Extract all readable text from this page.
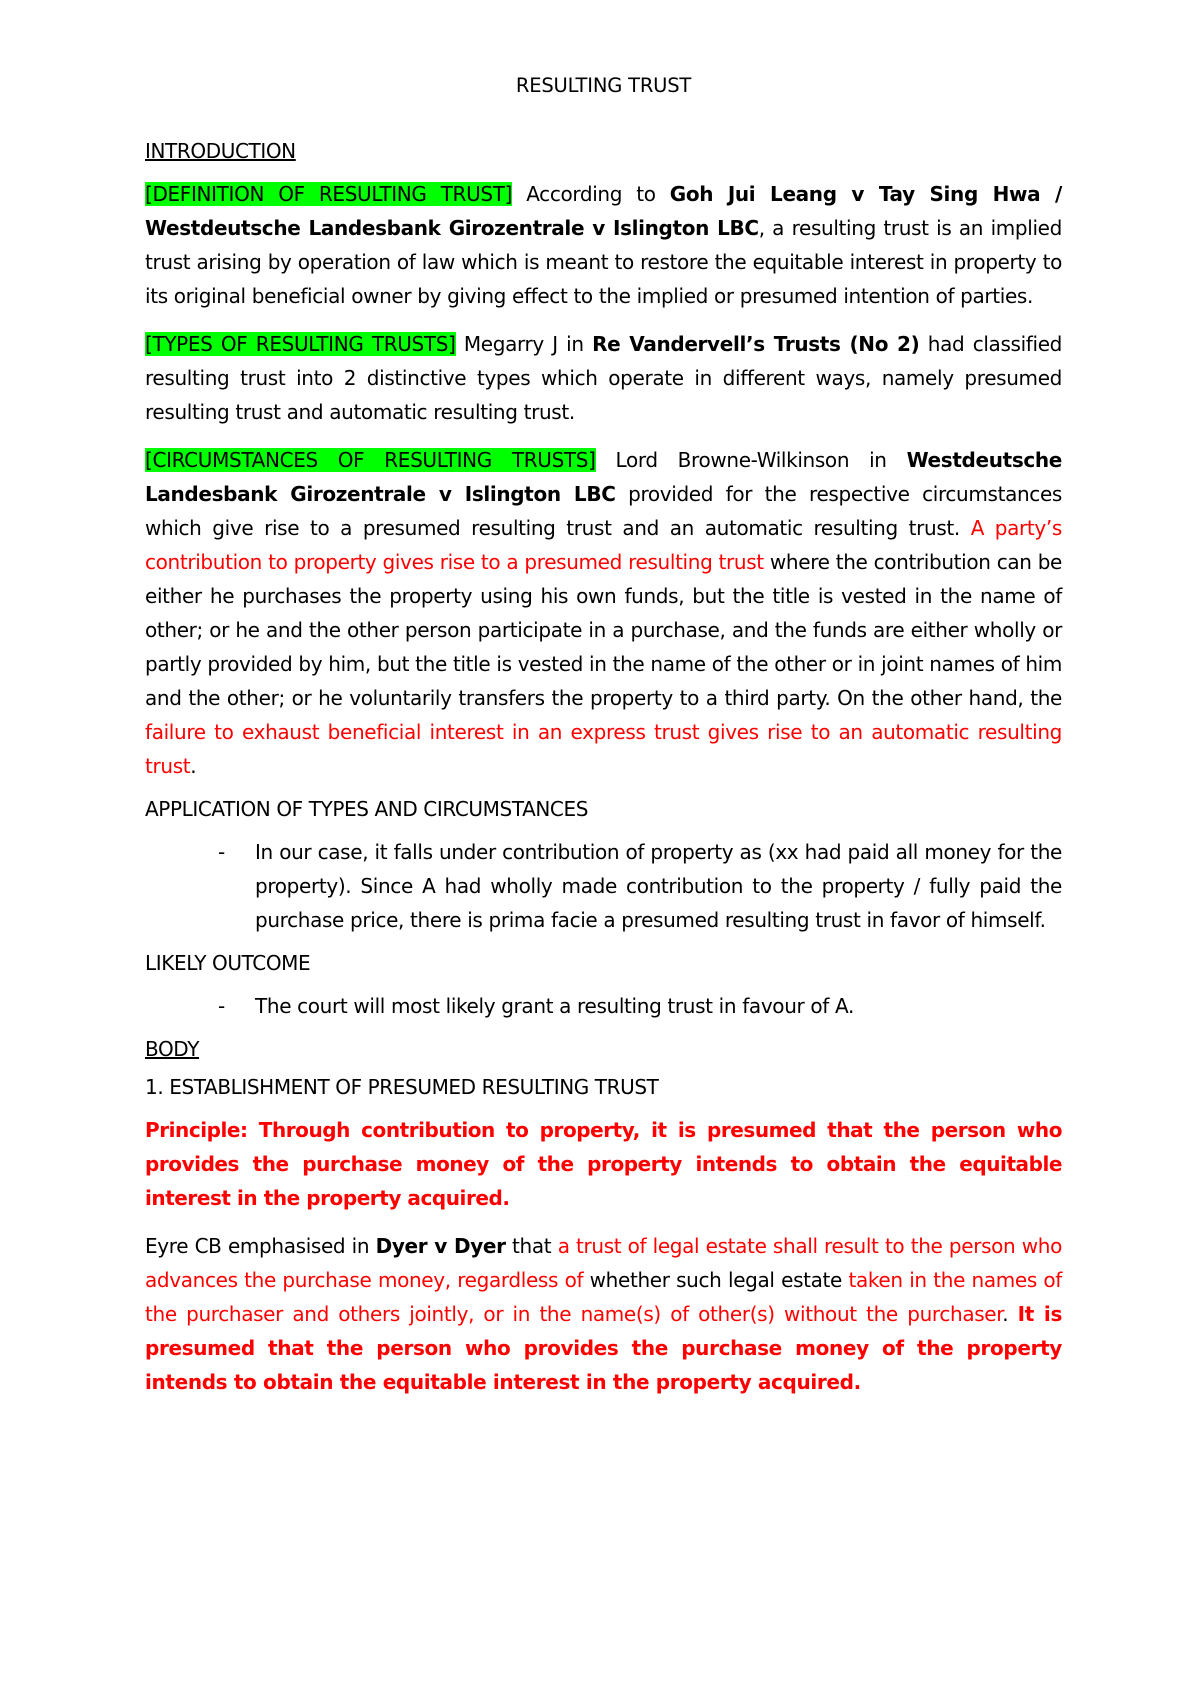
RESULTING TRUST
INTRODUCTION

[DEFINITION OF RESULTING TRUST] According to Goh Jui Leang v Tay Sing Hwa / Westdeutsche Landesbank Girozentrale v Islington LBC, a resulting trust is an implied trust arising by operation of law which is meant to restore the equitable interest in property to its original beneficial owner by giving effect to the implied or presumed intention of parties.

[TYPES OF RESULTING TRUSTS] Megarry J in Re Vandervell’s Trusts (No 2) had classified resulting trust into 2 distinctive types which operate in different ways, namely presumed resulting trust and automatic resulting trust.

[CIRCUMSTANCES OF RESULTING TRUSTS] Lord Browne-Wilkinson in Westdeutsche Landesbank Girozentrale v Islington LBC provided for the respective circumstances which give rise to a presumed resulting trust and an automatic resulting trust. A party’s contribution to property gives rise to a presumed resulting trust where the contribution can be either he purchases the property using his own funds, but the title is vested in the name of other; or he and the other person participate in a purchase, and the funds are either wholly or partly provided by him, but the title is vested in the name of the other or in joint names of him and the other; or he voluntarily transfers the property to a third party. On the other hand, the failure to exhaust beneficial interest in an express trust gives rise to an automatic resulting trust.

APPLICATION OF TYPES AND CIRCUMSTANCES
- In our case, it falls under contribution of property as (xx had paid all money for the property). Since A had wholly made contribution to the property / fully paid the purchase price, there is prima facie a presumed resulting trust in favor of himself.
LIKELY OUTCOME
- The court will most likely grant a resulting trust in favour of A.
BODY
1. ESTABLISHMENT OF PRESUMED RESULTING TRUST

Principle: Through contribution to property, it is presumed that the person who provides the purchase money of the property intends to obtain the equitable interest in the property acquired.

Eyre CB emphasised in Dyer v Dyer that a trust of legal estate shall result to the person who advances the purchase money, regardless of whether such legal estate taken in the names of the purchaser and others jointly, or in the name(s) of other(s) without the purchaser. It is presumed that the person who provides the purchase money of the property intends to obtain the equitable interest in the property acquired.
